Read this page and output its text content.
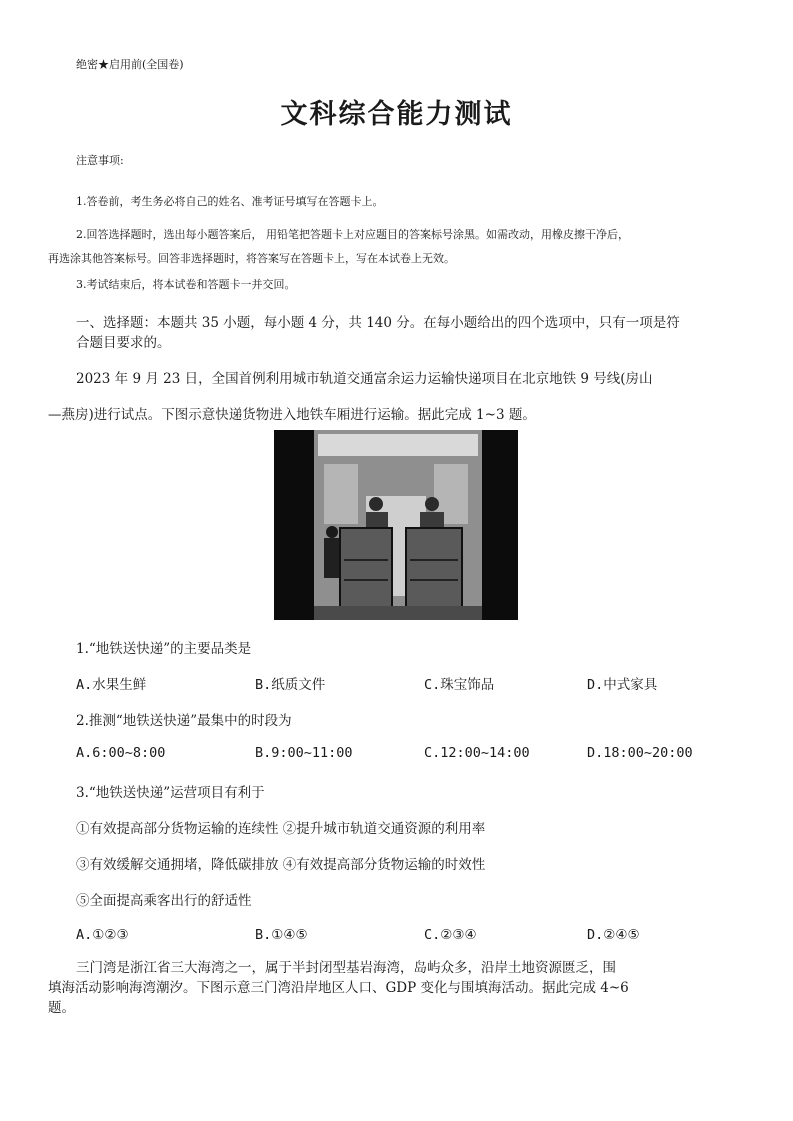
绝密★启用前(全国卷)
文科综合能力测试
注意事项:
1.答卷前，考生务必将自己的姓名、准考证号填写在答题卡上。
2.回答选择题时，选出每小题答案后， 用铅笔把答题卡上对应题目的答案标号涂黑。如需改动，用橡皮擦干净后，
再选涂其他答案标号。回答非选择题时，将答案写在答题卡上，写在本试卷上无效。
3.考试结束后，将本试卷和答题卡一并交回。
一、选择题：本题共 35 小题，每小题 4 分，共 140 分。在每小题给出的四个选项中，只有一项是符
合题目要求的。
2023 年 9 月 23 日，全国首例利用城市轨道交通富余运力运输快递项目在北京地铁 9 号线(房山
—燕房)进行试点。下图示意快递货物进入地铁车厢进行运输。据此完成 1~3 题。
1.“地铁送快递”的主要品类是
A.水果生鲜	B.纸质文件	C.珠宝饰品	D.中式家具
2.推测“地铁送快递”最集中的时段为
A.6:00~8:00	B.9:00~11:00	C.12:00~14:00	D.18:00~20:00
3.“地铁送快递”运营项目有利于
①有效提高部分货物运输的连续性 ②提升城市轨道交通资源的利用率
③有效缓解交通拥堵，降低碳排放 ④有效提高部分货物运输的时效性
⑤全面提高乘客出行的舒适性
A.①②③	B.①④⑤	C.②③④	D.②④⑤
三门湾是浙江省三大海湾之一，属于半封闭型基岩海湾，岛屿众多，沿岸土地资源匮乏，围
填海活动影响海湾潮汐。下图示意三门湾沿岸地区人口、GDP 变化与围填海活动。据此完成 4~6
题。
